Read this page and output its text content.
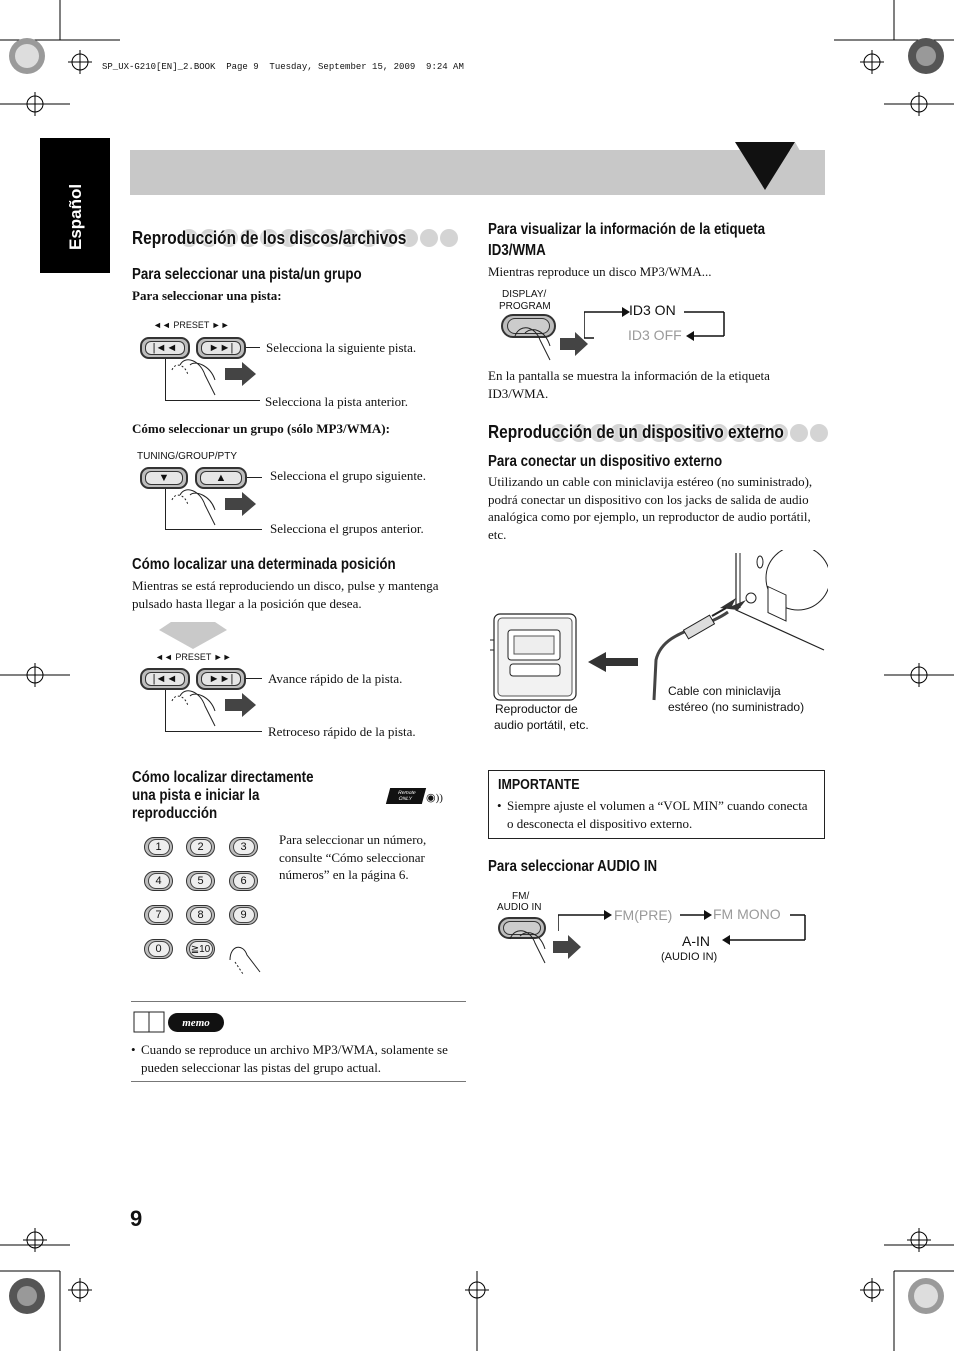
SP_UX-G210[EN]_2.BOOK  Page 9  Tuesday, September 15, 2009  9:24 AM
Español	Reproducción de los discos/archivos
Para seleccionar una pista/un grupo
Para seleccionar una pista:
◄◄ PRESET ►►
|◄◄	►►|	Selecciona la siguiente pista.
Selecciona la pista anterior.
Cómo seleccionar un grupo (sólo MP3/WMA):
TUNING/GROUP/PTY
▼	▲	Selecciona el grupo siguiente.
Selecciona el grupos anterior.
Cómo localizar una determinada posición
Mientras se está reproduciendo un disco, pulse y mantenga pulsado hasta llegar a la posición que desea.
◄◄ PRESET ►►
|◄◄	►►|	Avance rápido de la pista.
Retroceso rápido de la pista.
Cómo localizar directamente
una pista e iniciar la
reproducción
Remote
ONLY	◉))
1	2	3
4	5	6
7	8	9
0	≧10
Para seleccionar un número, consulte “Cómo seleccionar números” en la página 6.
memo
• Cuando se reproduce un archivo MP3/WMA, solamente se pueden seleccionar las pistas del grupo actual.
Para visualizar la información de la etiqueta
ID3/WMA
Mientras reproduce un disco MP3/WMA...
DISPLAY/
PROGRAM	ID3 ON
ID3 OFF
En la pantalla se muestra la información de la etiqueta ID3/WMA.
Reproducción de un dispositivo externo
Para conectar un dispositivo externo
Utilizando un cable con miniclavija estéreo (no suministrado), podrá conectar un dispositivo con los jacks de salida de audio analógica como por ejemplo, un reproductor de audio portátil, etc.
Reproductor de
audio portátil, etc.
Cable con miniclavija
estéreo (no suministrado)
IMPORTANTE
• Siempre ajuste el volumen a “VOL MIN” cuando conecta o desconecta el dispositivo externo.
Para seleccionar AUDIO IN
FM/
AUDIO IN	FM(PRE)	FM MONO
A-IN
(AUDIO IN)
9
